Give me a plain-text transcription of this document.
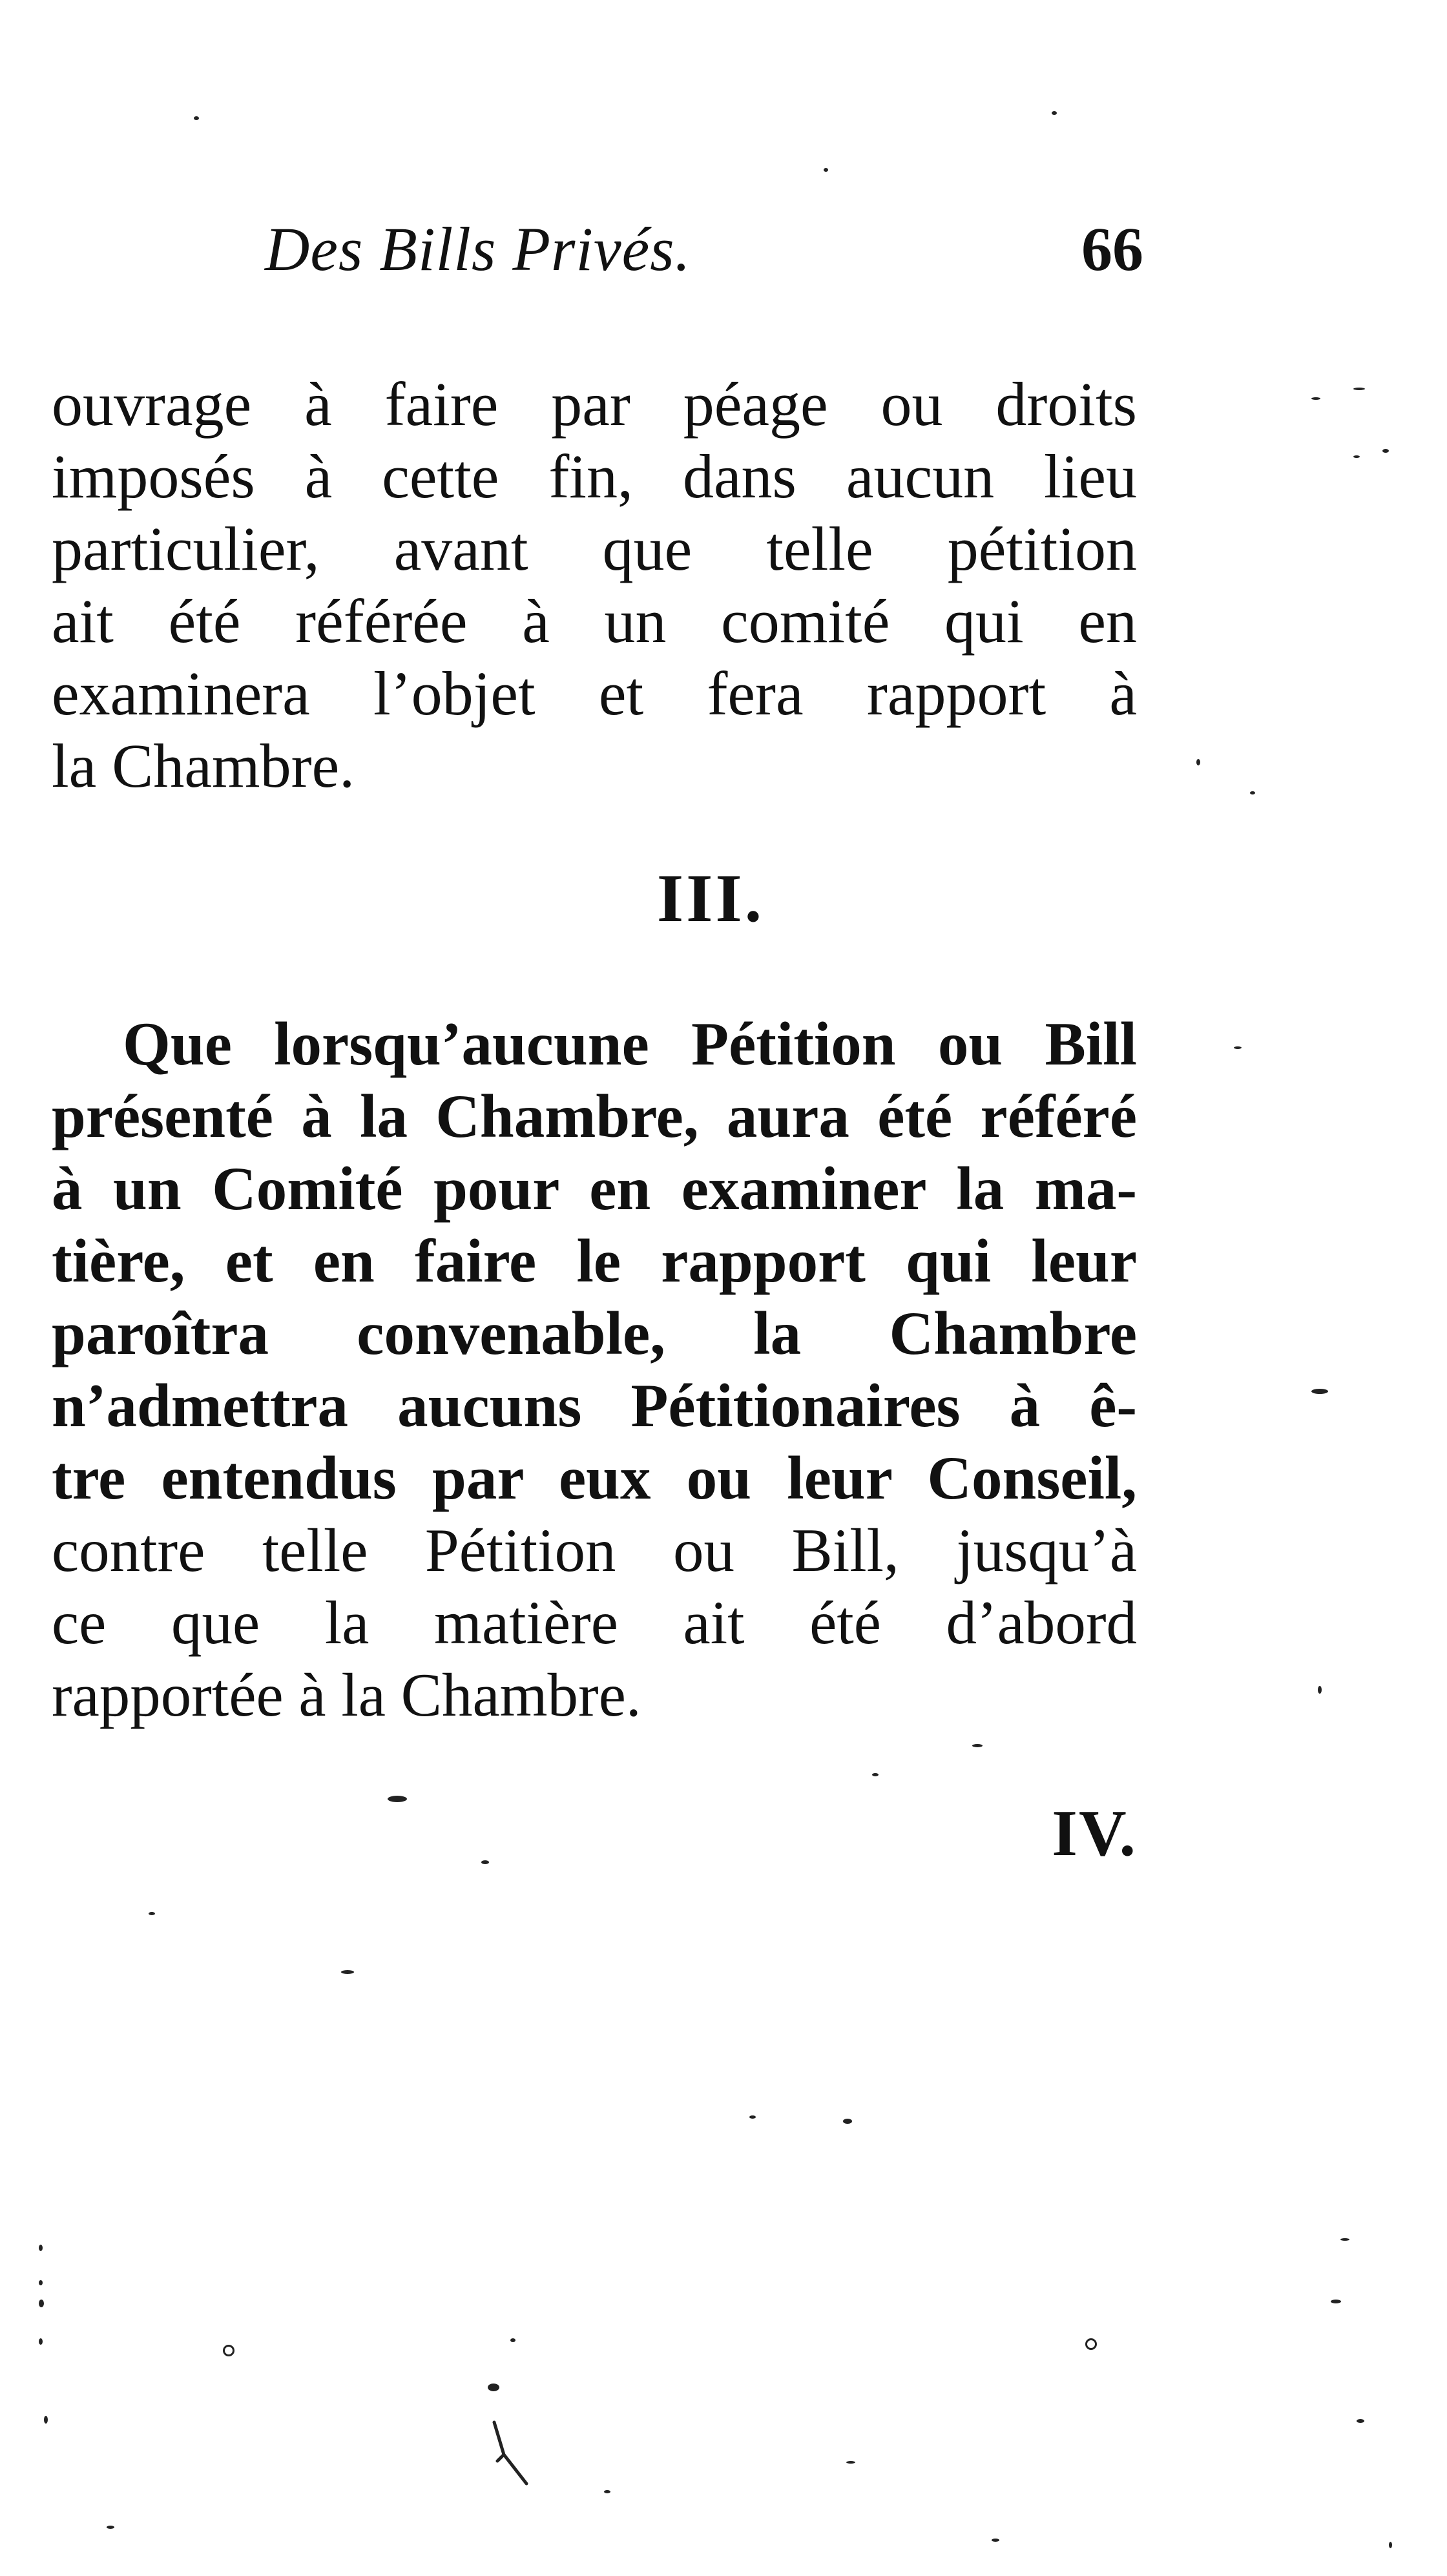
Des Bills Privés.	66
ouvrage à faire par péage ou droits
imposés à cette fin, dans aucun lieu
particulier, avant que telle pétition
ait été référée à un comité qui en
examinera l’objet et fera rapport à
la Chambre.
III.
Que lorsqu’aucune Pétition ou Bill
présenté à la Chambre, aura été référé
à un Comité pour en examiner la ma-
tière, et en faire le rapport qui leur
paroîtra convenable, la Chambre
n’admettra aucuns Pétitionaires à ê-
tre entendus par eux ou leur Conseil,
contre telle Pétition ou Bill, jusqu’à
ce que la matière ait été d’abord
rapportée à la Chambre.
IV.
